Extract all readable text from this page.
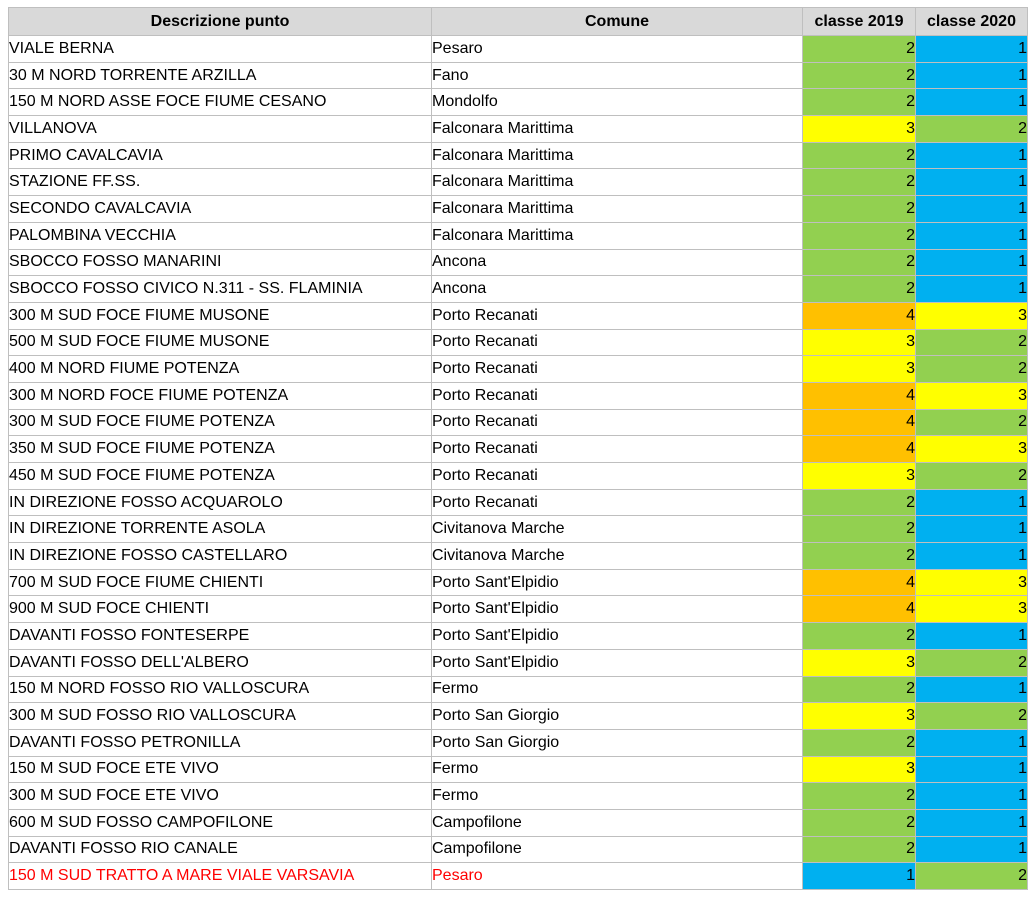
Descrizione punto	Comune	classe 2019	classe 2020
VIALE BERNA	Pesaro	2	1
30 M NORD TORRENTE ARZILLA	Fano	2	1
150 M NORD ASSE FOCE FIUME CESANO	Mondolfo	2	1
VILLANOVA	Falconara Marittima	3	2
PRIMO CAVALCAVIA	Falconara Marittima	2	1
STAZIONE FF.SS.	Falconara Marittima	2	1
SECONDO CAVALCAVIA	Falconara Marittima	2	1
PALOMBINA VECCHIA	Falconara Marittima	2	1
SBOCCO FOSSO MANARINI	Ancona	2	1
SBOCCO FOSSO CIVICO N.311 - SS. FLAMINIA	Ancona	2	1
300 M SUD FOCE FIUME MUSONE	Porto Recanati	4	3
500 M SUD FOCE FIUME MUSONE	Porto Recanati	3	2
400 M NORD FIUME POTENZA	Porto Recanati	3	2
300 M NORD FOCE FIUME POTENZA	Porto Recanati	4	3
300 M SUD FOCE FIUME POTENZA	Porto Recanati	4	2
350 M SUD FOCE FIUME POTENZA	Porto Recanati	4	3
450 M SUD FOCE FIUME POTENZA	Porto Recanati	3	2
IN DIREZIONE FOSSO ACQUAROLO	Porto Recanati	2	1
IN DIREZIONE TORRENTE ASOLA	Civitanova Marche	2	1
IN DIREZIONE FOSSO CASTELLARO	Civitanova Marche	2	1
700 M SUD FOCE FIUME CHIENTI	Porto Sant'Elpidio	4	3
900 M SUD FOCE CHIENTI	Porto Sant'Elpidio	4	3
DAVANTI FOSSO FONTESERPE	Porto Sant'Elpidio	2	1
DAVANTI FOSSO DELL'ALBERO	Porto Sant'Elpidio	3	2
150 M NORD FOSSO RIO VALLOSCURA	Fermo	2	1
300 M SUD FOSSO RIO VALLOSCURA	Porto San Giorgio	3	2
DAVANTI FOSSO PETRONILLA	Porto San Giorgio	2	1
150 M SUD FOCE ETE VIVO	Fermo	3	1
300 M SUD FOCE ETE VIVO	Fermo	2	1
600 M SUD FOSSO CAMPOFILONE	Campofilone	2	1
DAVANTI FOSSO RIO CANALE	Campofilone	2	1
150 M SUD TRATTO A MARE VIALE VARSAVIA	Pesaro	1	2
